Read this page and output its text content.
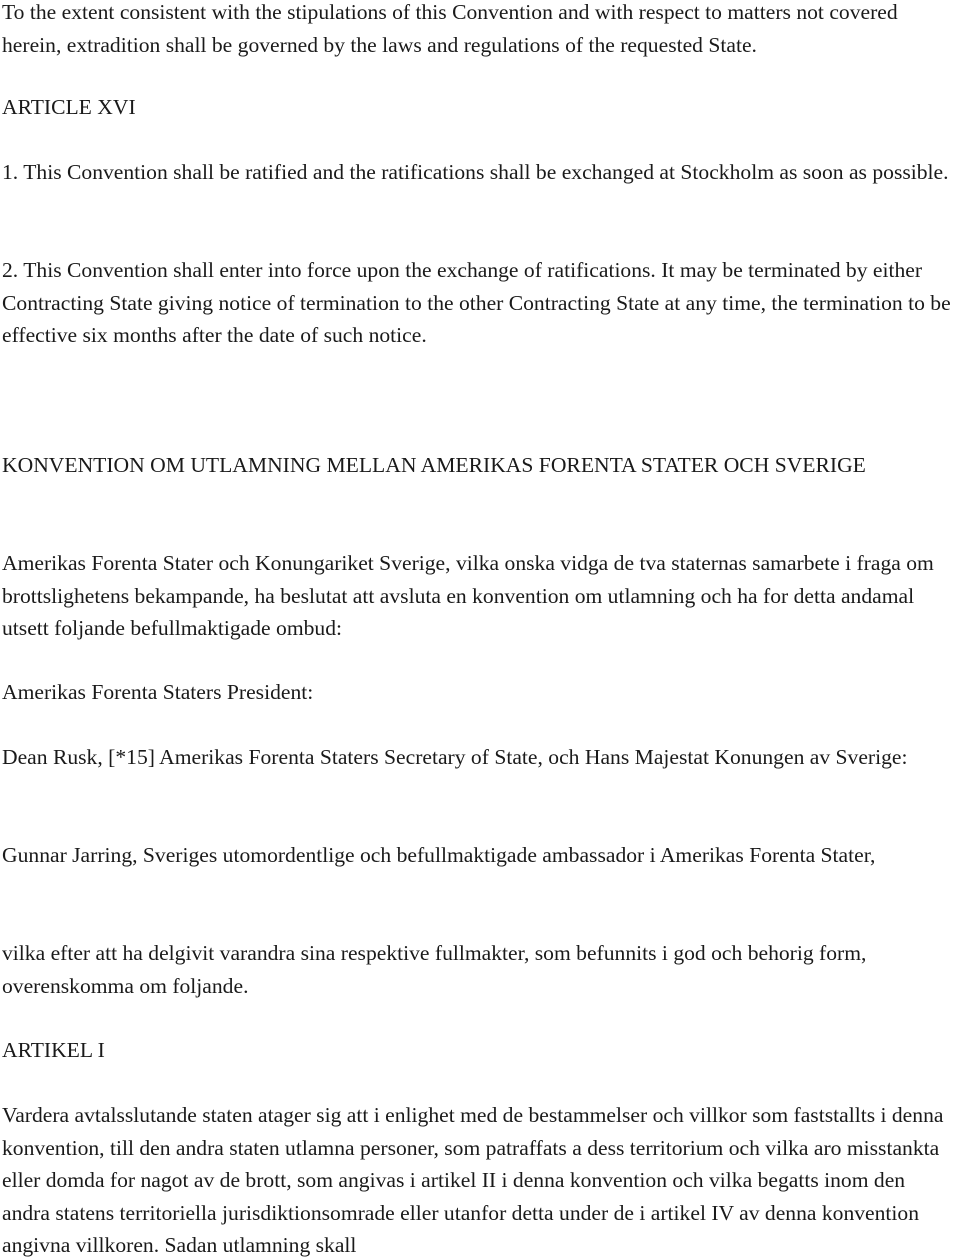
To the extent consistent with the stipulations of this Convention and with respect to matters not covered herein, extradition shall be governed by the laws and regulations of the requested State.

ARTICLE XVI

1. This Convention shall be ratified and the ratifications shall be exchanged at Stockholm as soon as possible.

2. This Convention shall enter into force upon the exchange of ratifications. It may be terminated by either Contracting State giving notice of termination to the other Contracting State at any time, the termination to be effective six months after the date of such notice.

KONVENTION OM UTLAMNING MELLAN AMERIKAS FORENTA STATER OCH SVERIGE

Amerikas Forenta Stater och Konungariket Sverige, vilka onska vidga de tva staternas samarbete i fraga om brottslighetens bekampande, ha beslutat att avsluta en konvention om utlamning och ha for detta andamal utsett foljande befullmaktigade ombud:

Amerikas Forenta Staters President:

Dean Rusk, [*15] Amerikas Forenta Staters Secretary of State, och Hans Majestat Konungen av Sverige:

Gunnar Jarring, Sveriges utomordentlige och befullmaktigade ambassador i Amerikas Forenta Stater,

vilka efter att ha delgivit varandra sina respektive fullmakter, som befunnits i god och behorig form, overenskomma om foljande.

ARTIKEL I

Vardera avtalsslutande staten atager sig att i enlighet med de bestammelser och villkor som faststallts i denna konvention, till den andra staten utlamna personer, som patraffats a dess territorium och vilka aro misstankta eller domda for nagot av de brott, som angivas i artikel II i denna konvention och vilka begatts inom den andra statens territoriella jurisdiktionsomrade eller utanfor detta under de i artikel IV av denna konvention angivna villkoren. Sadan utlamning skall
